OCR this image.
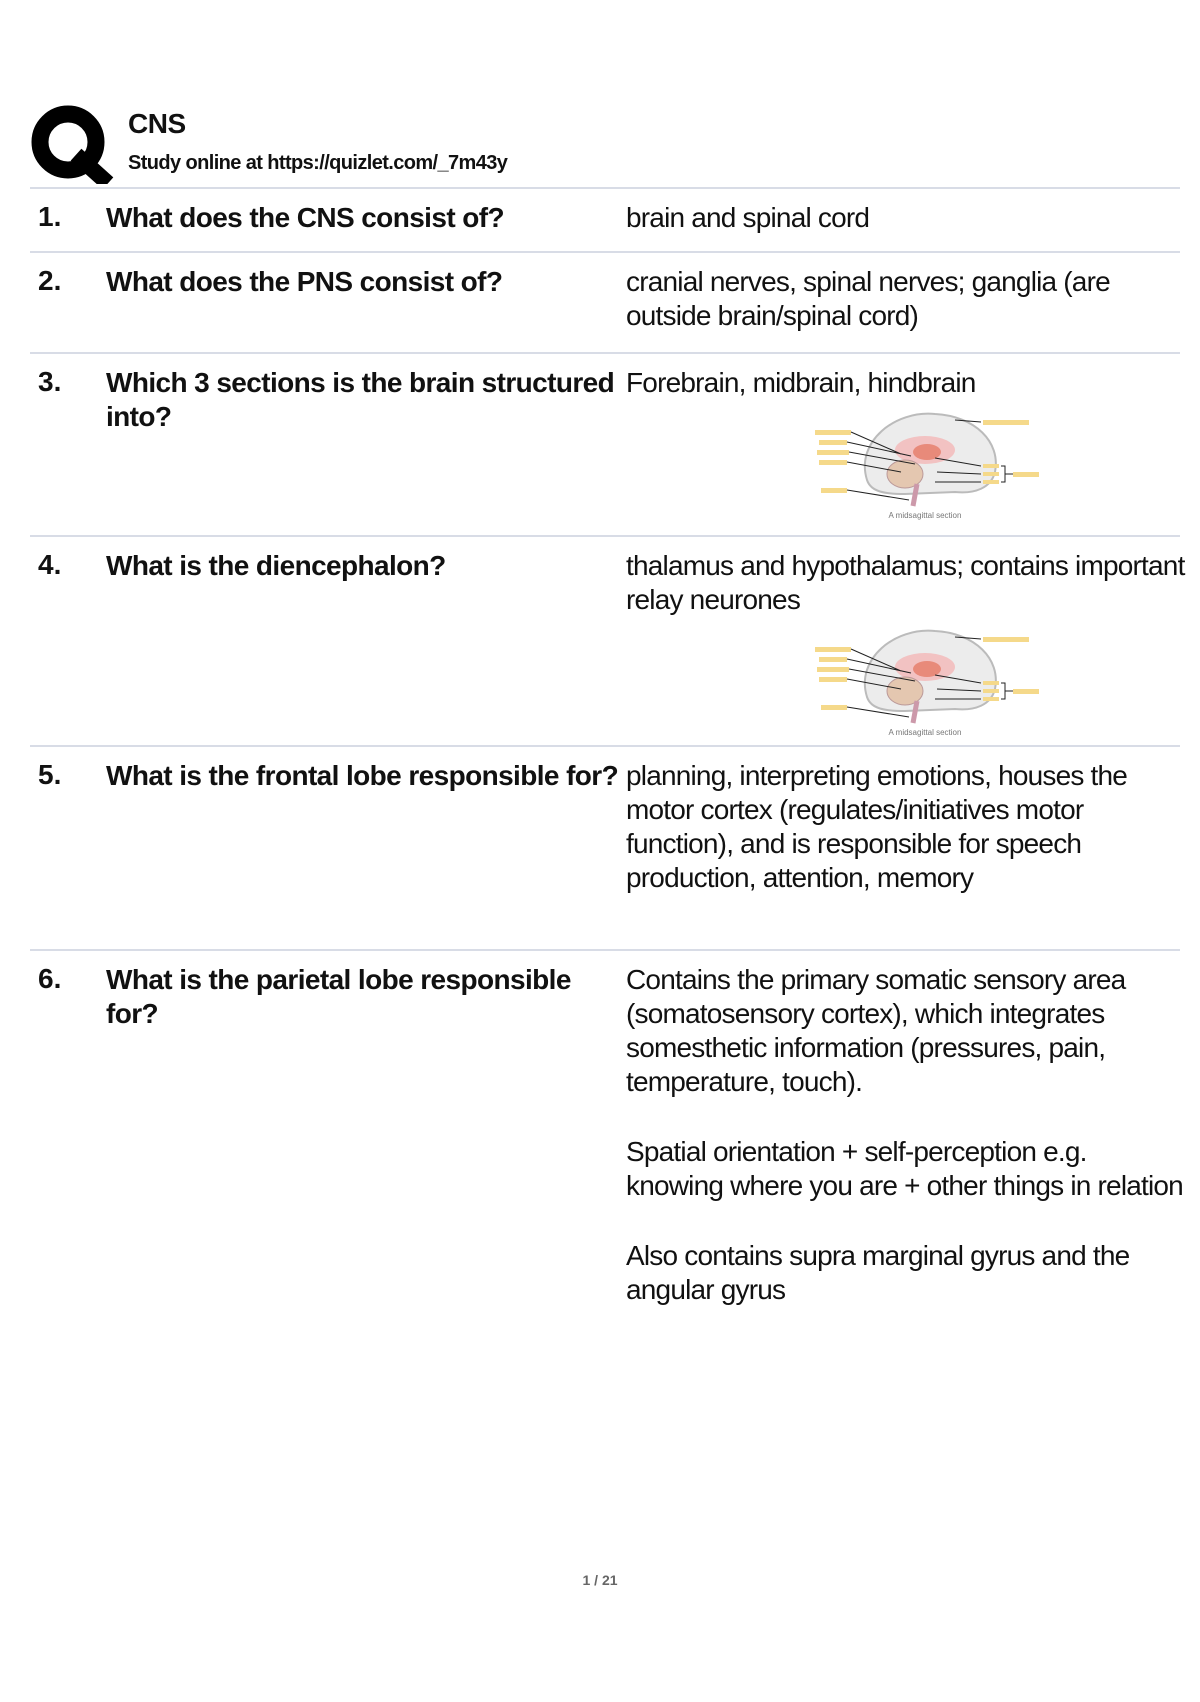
CNS
Study online at https://quizlet.com/_7m43y
1. What does the CNS consist of?	brain and spinal cord

2. What does the PNS consist of?	cranial nerves, spinal nerves; ganglia (are outside brain/spinal cord)

3. Which 3 sections is the brain structured into?

Forebrain, midbrain, hindbrain

A midsagittal section
4. What is the diencephalon?	thalamus and hypothalamus; contains important relay neurones

A midsagittal section
5. What is the frontal lobe responsible for? planning, interpreting emotions, houses the motor cortex (regulates/initiatives motor function), and is responsible for speech production, attention, memory

6. What is the parietal lobe responsible for?

Contains the primary somatic sensory area (somatosensory cortex), which integrates somesthetic information (pressures, pain, temperature, touch).

Spatial orientation + self-perception e.g. knowing where you are + other things in relation

Also contains supra marginal gyrus and the angular gyrus

1 / 21
